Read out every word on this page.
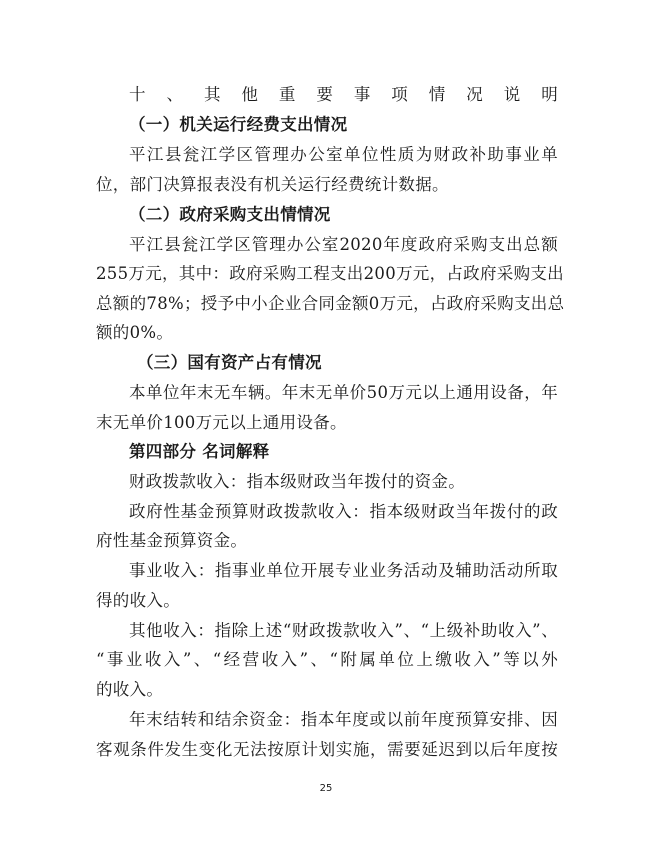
十、其他重要事项情况说明
（一）机关运行经费支出情况
平江县瓮江学区管理办公室单位性质为财政补助事业单
位，部门决算报表没有机关运行经费统计数据。
（二）政府采购支出情情况
平江县瓮江学区管理办公室2020年度政府采购支出总额
255万元，其中：政府采购工程支出200万元，占政府采购支出
总额的78%；授予中小企业合同金额0万元，占政府采购支出总
额的0%。
（三）国有资产占有情况
本单位年末无车辆。年末无单价50万元以上通用设备，年
末无单价100万元以上通用设备。
第四部分 名词解释
财政拨款收入：指本级财政当年拨付的资金。
政府性基金预算财政拨款收入：指本级财政当年拨付的政
府性基金预算资金。
事业收入：指事业单位开展专业业务活动及辅助活动所取
得的收入。
其他收入：指除上述“财政拨款收入”、“上级补助收入”、
“事业收入”、“经营收入”、“附属单位上缴收入”等以外
的收入。
年末结转和结余资金：指本年度或以前年度预算安排、因
客观条件发生变化无法按原计划实施，需要延迟到以后年度按
25
